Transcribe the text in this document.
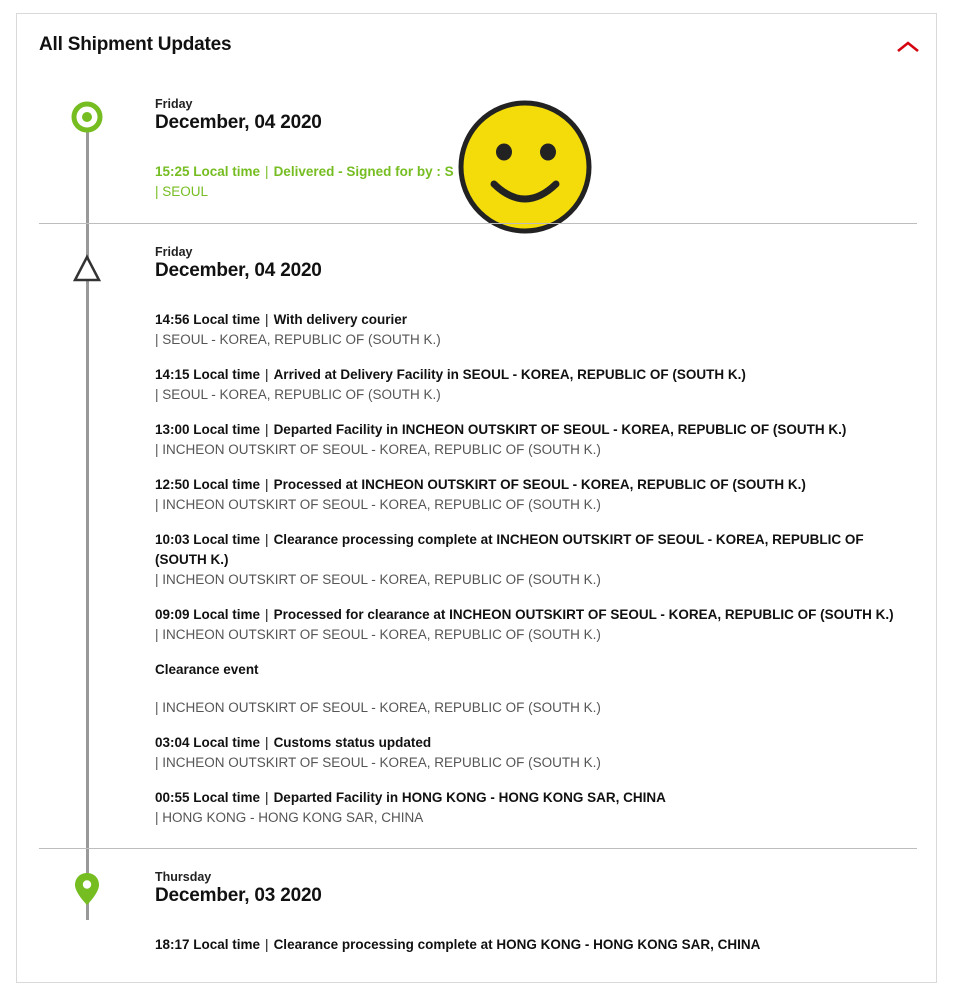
All Shipment Updates
Friday
December, 04 2020
15:25 Local time | Delivered - Signed for by : S
| SEOUL
Friday
December, 04 2020
14:56 Local time | With delivery courier
| SEOUL - KOREA, REPUBLIC OF (SOUTH K.)
14:15 Local time | Arrived at Delivery Facility in SEOUL - KOREA, REPUBLIC OF (SOUTH K.)
| SEOUL - KOREA, REPUBLIC OF (SOUTH K.)
13:00 Local time | Departed Facility in INCHEON OUTSKIRT OF SEOUL - KOREA, REPUBLIC OF (SOUTH K.)
| INCHEON OUTSKIRT OF SEOUL - KOREA, REPUBLIC OF (SOUTH K.)
12:50 Local time | Processed at INCHEON OUTSKIRT OF SEOUL - KOREA, REPUBLIC OF (SOUTH K.)
| INCHEON OUTSKIRT OF SEOUL - KOREA, REPUBLIC OF (SOUTH K.)
10:03 Local time | Clearance processing complete at INCHEON OUTSKIRT OF SEOUL - KOREA, REPUBLIC OF (SOUTH K.)
| INCHEON OUTSKIRT OF SEOUL - KOREA, REPUBLIC OF (SOUTH K.)
09:09 Local time | Processed for clearance at INCHEON OUTSKIRT OF SEOUL - KOREA, REPUBLIC OF (SOUTH K.)
| INCHEON OUTSKIRT OF SEOUL - KOREA, REPUBLIC OF (SOUTH K.)
Clearance event
| INCHEON OUTSKIRT OF SEOUL - KOREA, REPUBLIC OF (SOUTH K.)
03:04 Local time | Customs status updated
| INCHEON OUTSKIRT OF SEOUL - KOREA, REPUBLIC OF (SOUTH K.)
00:55 Local time | Departed Facility in HONG KONG - HONG KONG SAR, CHINA
| HONG KONG - HONG KONG SAR, CHINA
Thursday
December, 03 2020
18:17 Local time | Clearance processing complete at HONG KONG - HONG KONG SAR, CHINA
